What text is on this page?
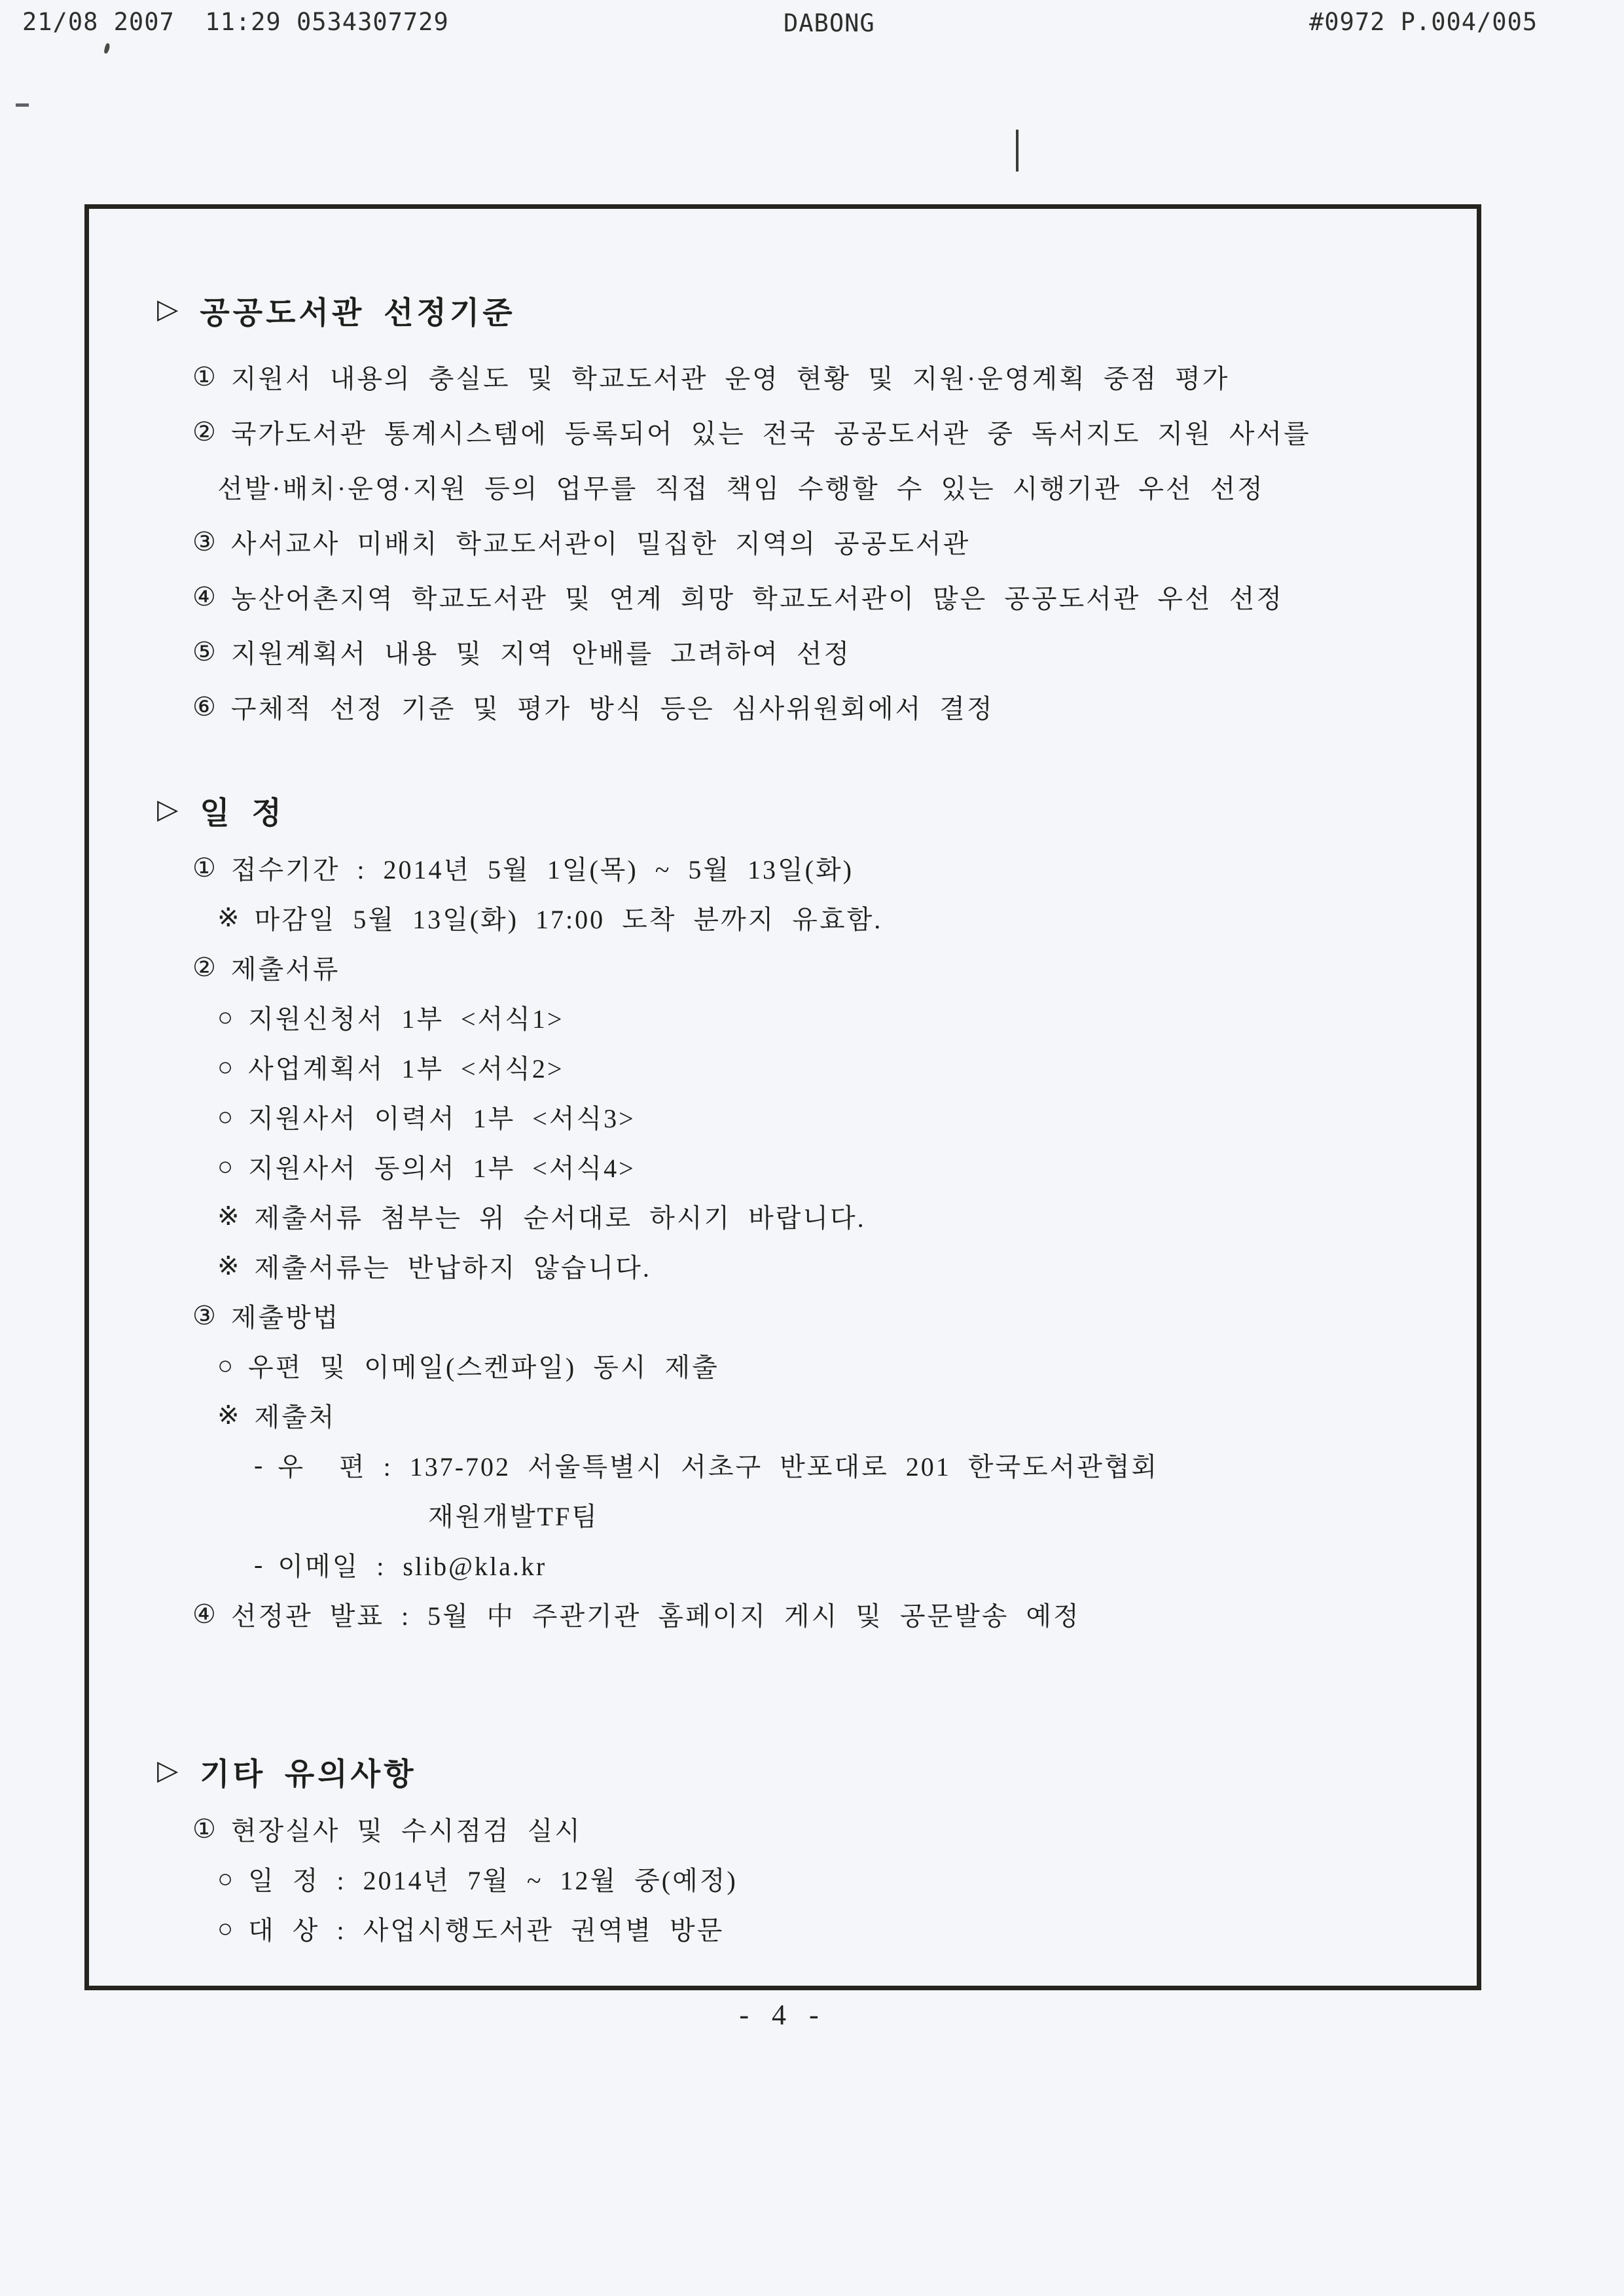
21/08 2007  11:29 0534307729

	DABONG

	#0972 P.004/005

▷ 공공도서관 선정기준
① 지원서 내용의 충실도 및 학교도서관 운영 현황 및 지원·운영계획 중점 평가
② 국가도서관 통계시스템에 등록되어 있는 전국 공공도서관 중 독서지도 지원 사서를
선발·배치·운영·지원 등의 업무를 직접 책임 수행할 수 있는 시행기관 우선 선정
③ 사서교사 미배치 학교도서관이 밀집한 지역의 공공도서관
④ 농산어촌지역 학교도서관 및 연계 희망 학교도서관이 많은 공공도서관 우선 선정
⑤ 지원계획서 내용 및 지역 안배를 고려하여 선정
⑥ 구체적 선정 기준 및 평가 방식 등은 심사위원회에서 결정
▷ 일 정
① 접수기간 : 2014년 5월 1일(목) ~ 5월 13일(화)
※ 마감일 5월 13일(화) 17:00 도착 분까지 유효함.
② 제출서류
○ 지원신청서 1부 <서식1>
○ 사업계획서 1부 <서식2>
○ 지원사서 이력서 1부 <서식3>
○ 지원사서 동의서 1부 <서식4>
※ 제출서류 첨부는 위 순서대로 하시기 바랍니다.
※ 제출서류는 반납하지 않습니다.
③ 제출방법
○ 우편 및 이메일(스켄파일) 동시 제출
※ 제출처
- 우  편 : 137-702 서울특별시 서초구 반포대로 201 한국도서관협회
재원개발TF팀
- 이메일 : slib@kla.kr
④ 선정관 발표 : 5월 中 주관기관 홈페이지 게시 및 공문발송 예정
▷ 기타 유의사항
① 현장실사 및 수시점검 실시
○ 일 정 : 2014년 7월 ~ 12월 중(예정)
○ 대 상 : 사업시행도서관 권역별 방문
- 4 -
